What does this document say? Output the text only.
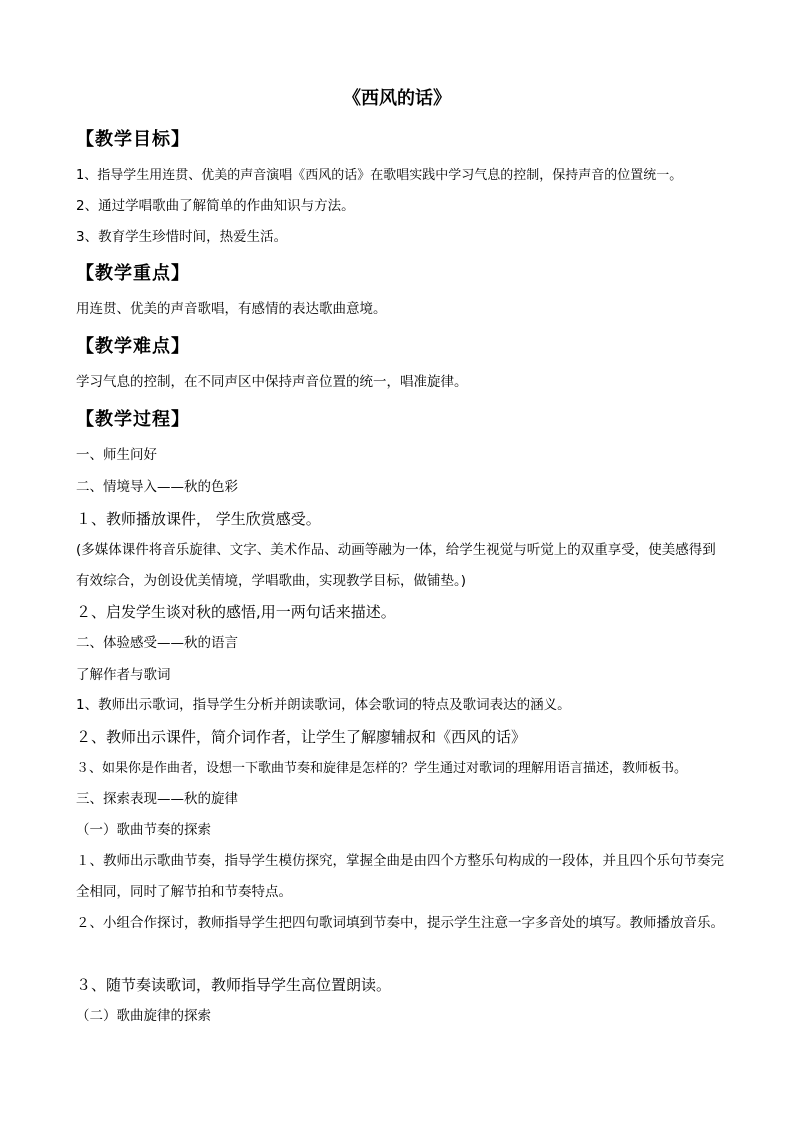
《西风的话》
【教学目标】
1、指导学生用连贯、优美的声音演唱《西风的话》在歌唱实践中学习气息的控制，保持声音的位置统一。
2、通过学唱歌曲了解简单的作曲知识与方法。
3、教育学生珍惜时间，热爱生活。
【教学重点】
用连贯、优美的声音歌唱，有感情的表达歌曲意境。
【教学难点】
学习气息的控制，在不同声区中保持声音位置的统一，唱准旋律。
【教学过程】
一、师生问好
二、情境导入——秋的色彩
１、教师播放课件， 学生欣赏感受。
(多媒体课件将音乐旋律、文字、美术作品、动画等融为一体，给学生视觉与听觉上的双重享受，使美感得到有效综合，为创设优美情境，学唱歌曲，实现教学目标，做铺垫。)
２、启发学生谈对秋的感悟,用一两句话来描述。
二、体验感受——秋的语言
了解作者与歌词
1、教师出示歌词，指导学生分析并朗读歌词，体会歌词的特点及歌词表达的涵义。
２、教师出示课件，简介词作者，让学生了解廖辅叔和《西风的话》
３、如果你是作曲者，设想一下歌曲节奏和旋律是怎样的？学生通过对歌词的理解用语言描述，教师板书。
三、探索表现——秋的旋律
（一）歌曲节奏的探索
１、教师出示歌曲节奏，指导学生模仿探究，掌握全曲是由四个方整乐句构成的一段体，并且四个乐句节奏完全相同，同时了解节拍和节奏特点。
２、小组合作探讨，教师指导学生把四句歌词填到节奏中，提示学生注意一字多音处的填写。教师播放音乐。
３、随节奏读歌词，教师指导学生高位置朗读。
（二）歌曲旋律的探索
